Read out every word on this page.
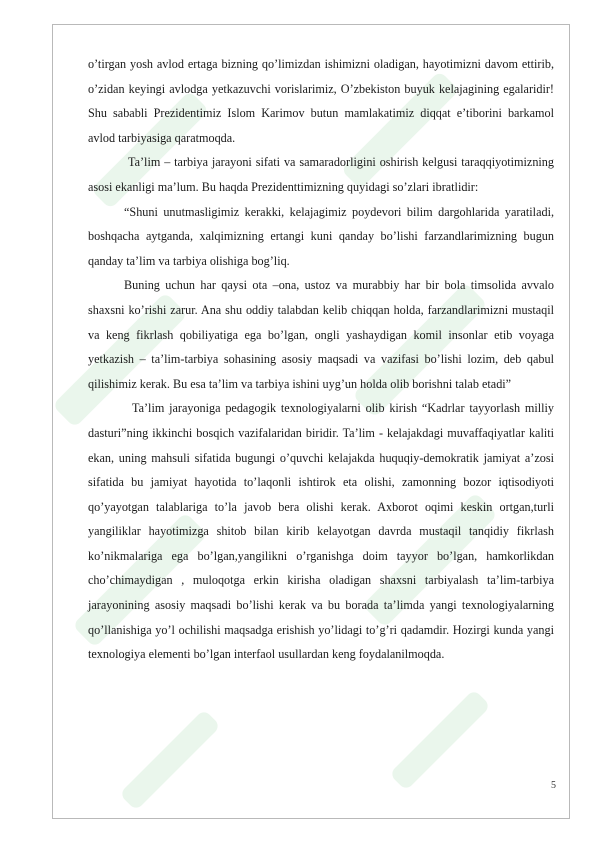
o’tirgan yosh avlod ertaga bizning qo’limizdan ishimizni oladigan, hayotimizni davom ettirib, o’zidan keyingi avlodga yetkazuvchi vorislarimiz, O’zbekiston buyuk kelajagining egalaridir! Shu sababli Prezidentimiz Islom Karimov butun mamlakatimiz diqqat e’tiborini barkamol avlod tarbiyasiga qaratmoqda.

Ta’lim – tarbiya jarayoni sifati va samaradorligini oshirish kelgusi taraqqiyotimizning asosi ekanligi ma’lum. Bu haqda Prezidenttimizning quyidagi so’zlari ibratlidir:

“Shuni unutmasligimiz kerakki, kelajagimiz poydevori bilim dargohlarida yaratiladi, boshqacha aytganda, xalqimizning ertangi kuni qanday bo’lishi farzandlarimizning bugun qanday ta’lim va tarbiya olishiga bog’liq.

Buning uchun har qaysi ota –ona, ustoz va murabbiy har bir bola timsolida avvalo shaxsni ko’rishi zarur. Ana shu oddiy talabdan kelib chiqqan holda, farzandlarimizni mustaqil va keng fikrlash qobiliyatiga ega bo’lgan, ongli yashaydigan komil insonlar etib voyaga yetkazish – ta’lim-tarbiya sohasining asosiy maqsadi va vazifasi bo’lishi lozim, deb qabul qilishimiz kerak. Bu esa ta’lim va tarbiya ishini uyg’un holda olib borishni talab etadi”

Ta’lim jarayoniga pedagogik texnologiyalarni olib kirish “Kadrlar tayyorlash milliy dasturi”ning ikkinchi bosqich vazifalaridan biridir. Ta’lim - kelajakdagi muvaffaqiyatlar kaliti ekan, uning mahsuli sifatida bugungi o’quvchi kelajakda huquqiy-demokratik jamiyat a’zosi sifatida bu jamiyat hayotida to’laqonli ishtirok eta olishi, zamonning bozor iqtisodiyoti qo’yayotgan talablariga to’la javob bera olishi kerak. Axborot oqimi keskin ortgan,turli yangiliklar hayotimizga shitob bilan kirib kelayotgan davrda mustaqil tanqidiy fikrlash ko’nikmalariga ega bo’lgan,yangilikni o’rganishga doim tayyor bo’lgan, hamkorlikdan cho’chimaydigan , muloqotga erkin kirisha oladigan shaxsni tarbiyalash ta’lim-tarbiya jarayonining asosiy maqsadi bo’lishi kerak va bu borada ta’limda yangi texnologiyalarning qo’llanishiga yo’l ochilishi maqsadga erishish yo’lidagi to’g’ri qadamdir. Hozirgi kunda yangi texnologiya elementi bo’lgan interfaol usullardan keng foydalanilmoqda.

5
